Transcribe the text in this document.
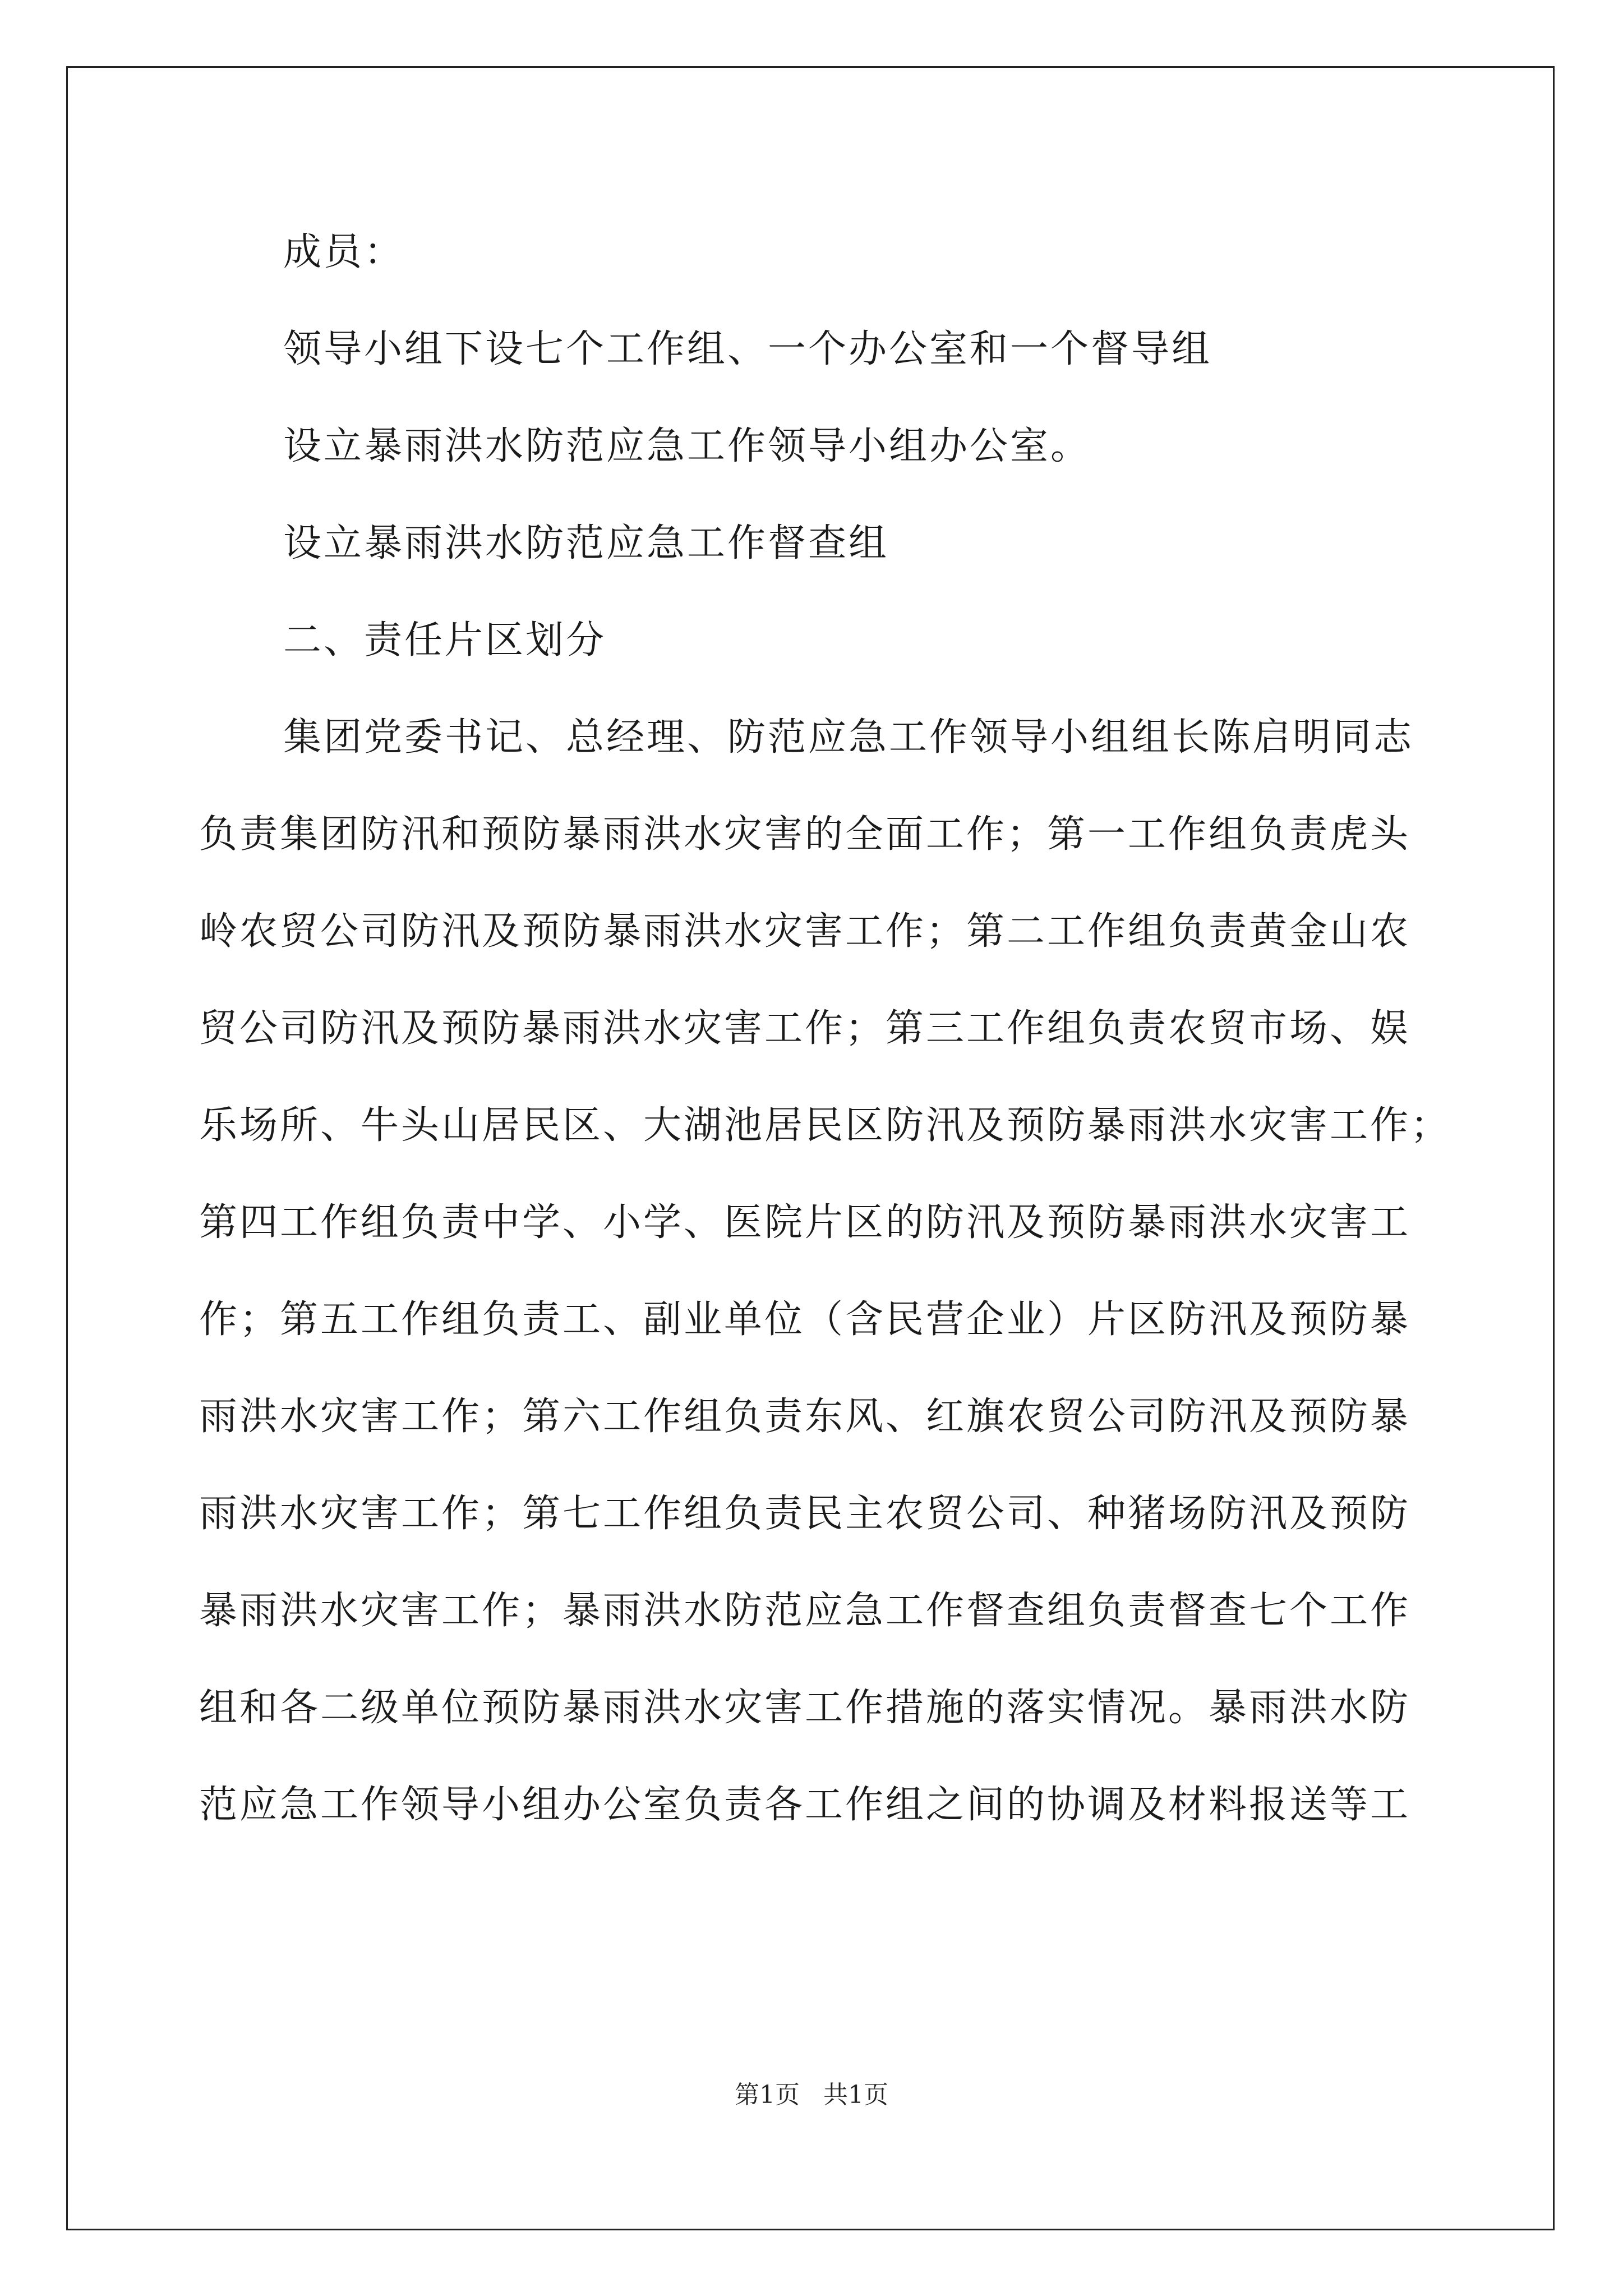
成员：
领导小组下设七个工作组、一个办公室和一个督导组
设立暴雨洪水防范应急工作领导小组办公室。
设立暴雨洪水防范应急工作督查组
二、责任片区划分
集团党委书记、总经理、防范应急工作领导小组组长陈启明同志
负责集团防汛和预防暴雨洪水灾害的全面工作；第一工作组负责虎头
岭农贸公司防汛及预防暴雨洪水灾害工作；第二工作组负责黄金山农
贸公司防汛及预防暴雨洪水灾害工作；第三工作组负责农贸市场、娱
乐场所、牛头山居民区、大湖池居民区防汛及预防暴雨洪水灾害工作；
第四工作组负责中学、小学、医院片区的防汛及预防暴雨洪水灾害工
作；第五工作组负责工、副业单位（含民营企业）片区防汛及预防暴
雨洪水灾害工作；第六工作组负责东风、红旗农贸公司防汛及预防暴
雨洪水灾害工作；第七工作组负责民主农贸公司、种猪场防汛及预防
暴雨洪水灾害工作；暴雨洪水防范应急工作督查组负责督查七个工作
组和各二级单位预防暴雨洪水灾害工作措施的落实情况。暴雨洪水防
范应急工作领导小组办公室负责各工作组之间的协调及材料报送等工
第1页 共1页
